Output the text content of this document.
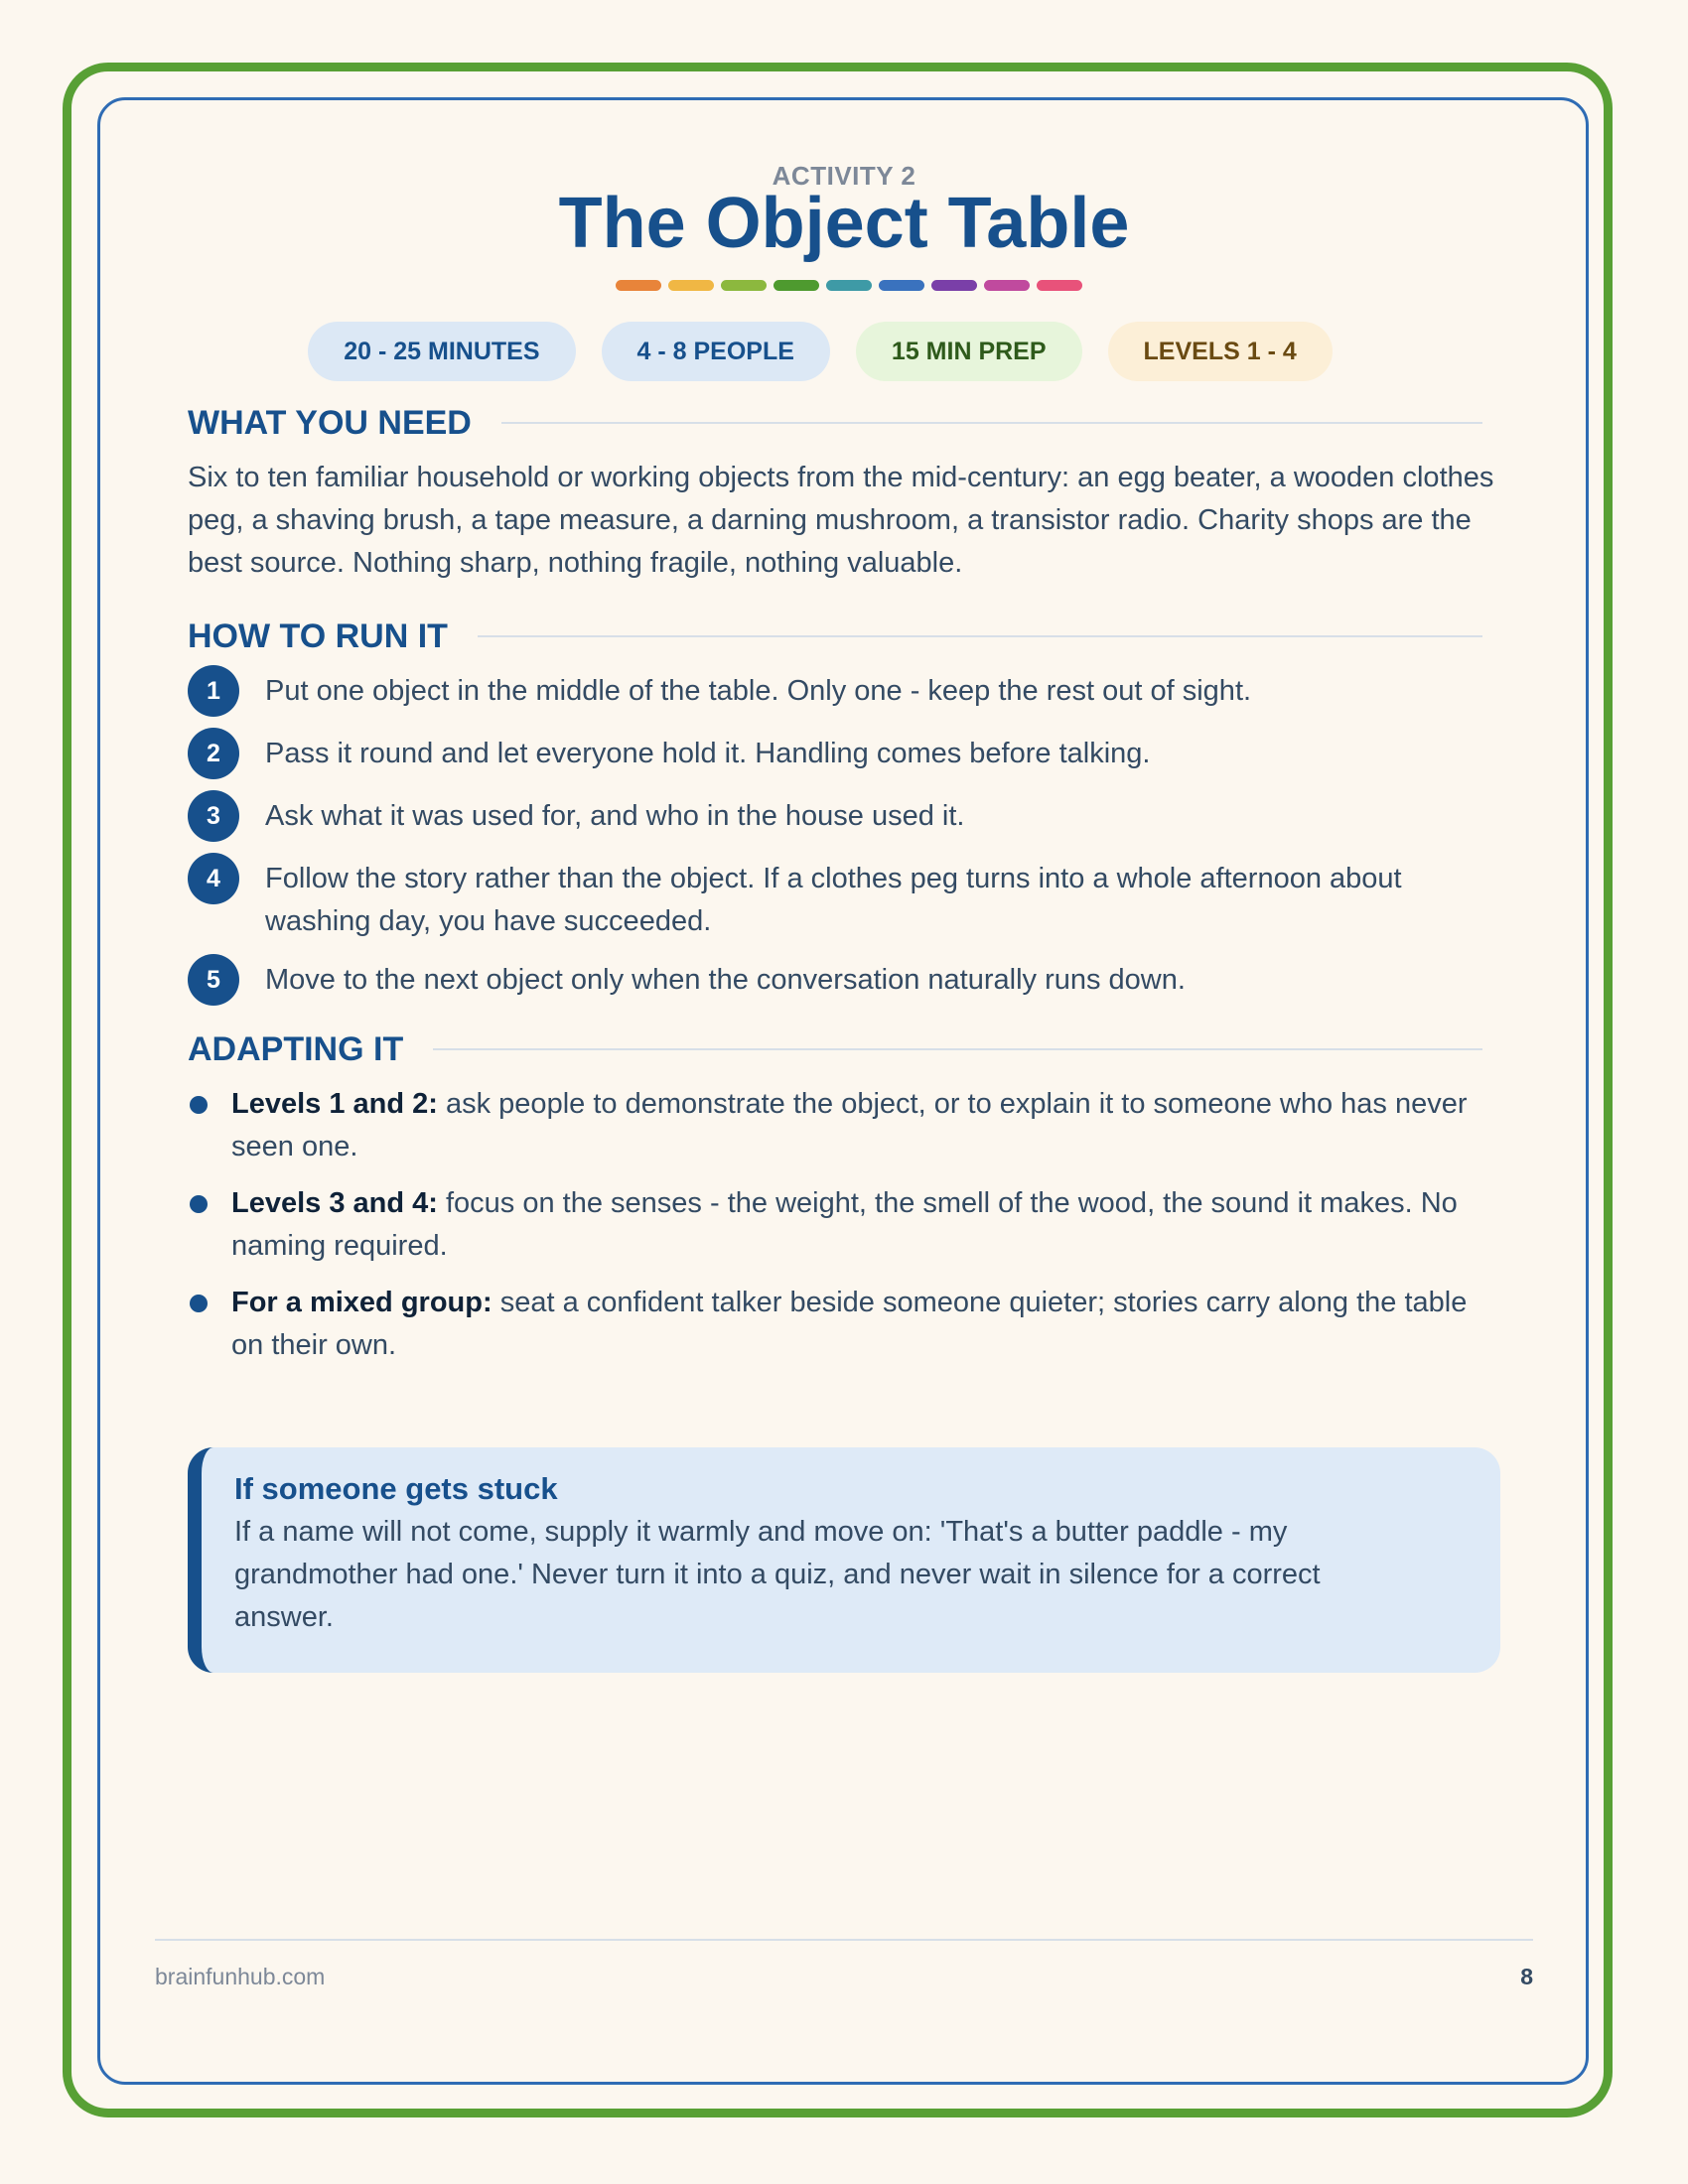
ACTIVITY 2
The Object Table
20 - 25 MINUTES	4 - 8 PEOPLE	15 MIN PREP	LEVELS 1 - 4
WHAT YOU NEED
Six to ten familiar household or working objects from the mid-century: an egg beater, a wooden clothes peg, a shaving brush, a tape measure, a darning mushroom, a transistor radio. Charity shops are the best source. Nothing sharp, nothing fragile, nothing valuable.
HOW TO RUN IT
1	Put one object in the middle of the table. Only one - keep the rest out of sight.
2	Pass it round and let everyone hold it. Handling comes before talking.
3	Ask what it was used for, and who in the house used it.
4	Follow the story rather than the object. If a clothes peg turns into a whole afternoon about washing day, you have succeeded.
5	Move to the next object only when the conversation naturally runs down.
ADAPTING IT
Levels 1 and 2: ask people to demonstrate the object, or to explain it to someone who has never seen one.
Levels 3 and 4: focus on the senses - the weight, the smell of the wood, the sound it makes. No naming required.
For a mixed group: seat a confident talker beside someone quieter; stories carry along the table on their own.
If someone gets stuck
If a name will not come, supply it warmly and move on: 'That's a butter paddle - my grandmother had one.' Never turn it into a quiz, and never wait in silence for a correct answer.
brainfunhub.com	8
